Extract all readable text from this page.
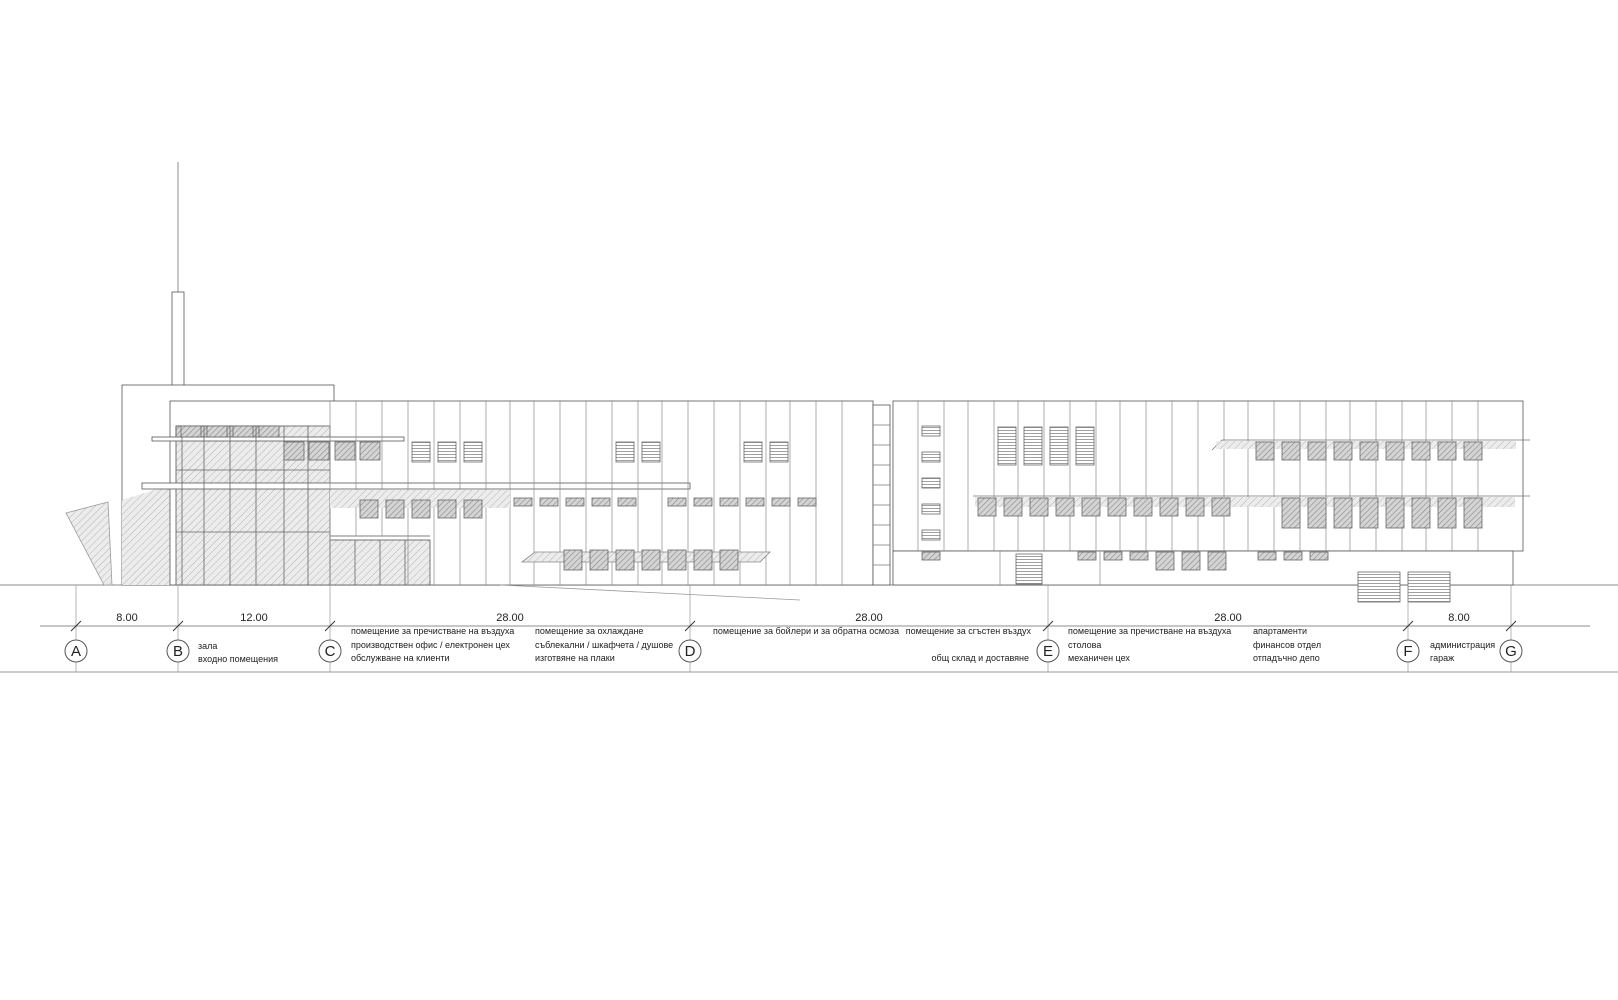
A	B	C	D	E	F	G
8.00	12.00	28.00	28.00	28.00	8.00
зала
входно помещения
помещение за пречистване на въздуха
производствен офис / електронен цех
обслужване на клиенти
помещение за охлаждане
съблекални / шкафчета / душове
изготвяне на плаки
помещение за бойлери и за обратна осмоза помещение за сгъстен въздух
общ склад и доставяне
помещение за пречистване на въздуха
столова
механичен цех
апартаменти
финансов отдел
отпадъчно депо
администрация
гараж
